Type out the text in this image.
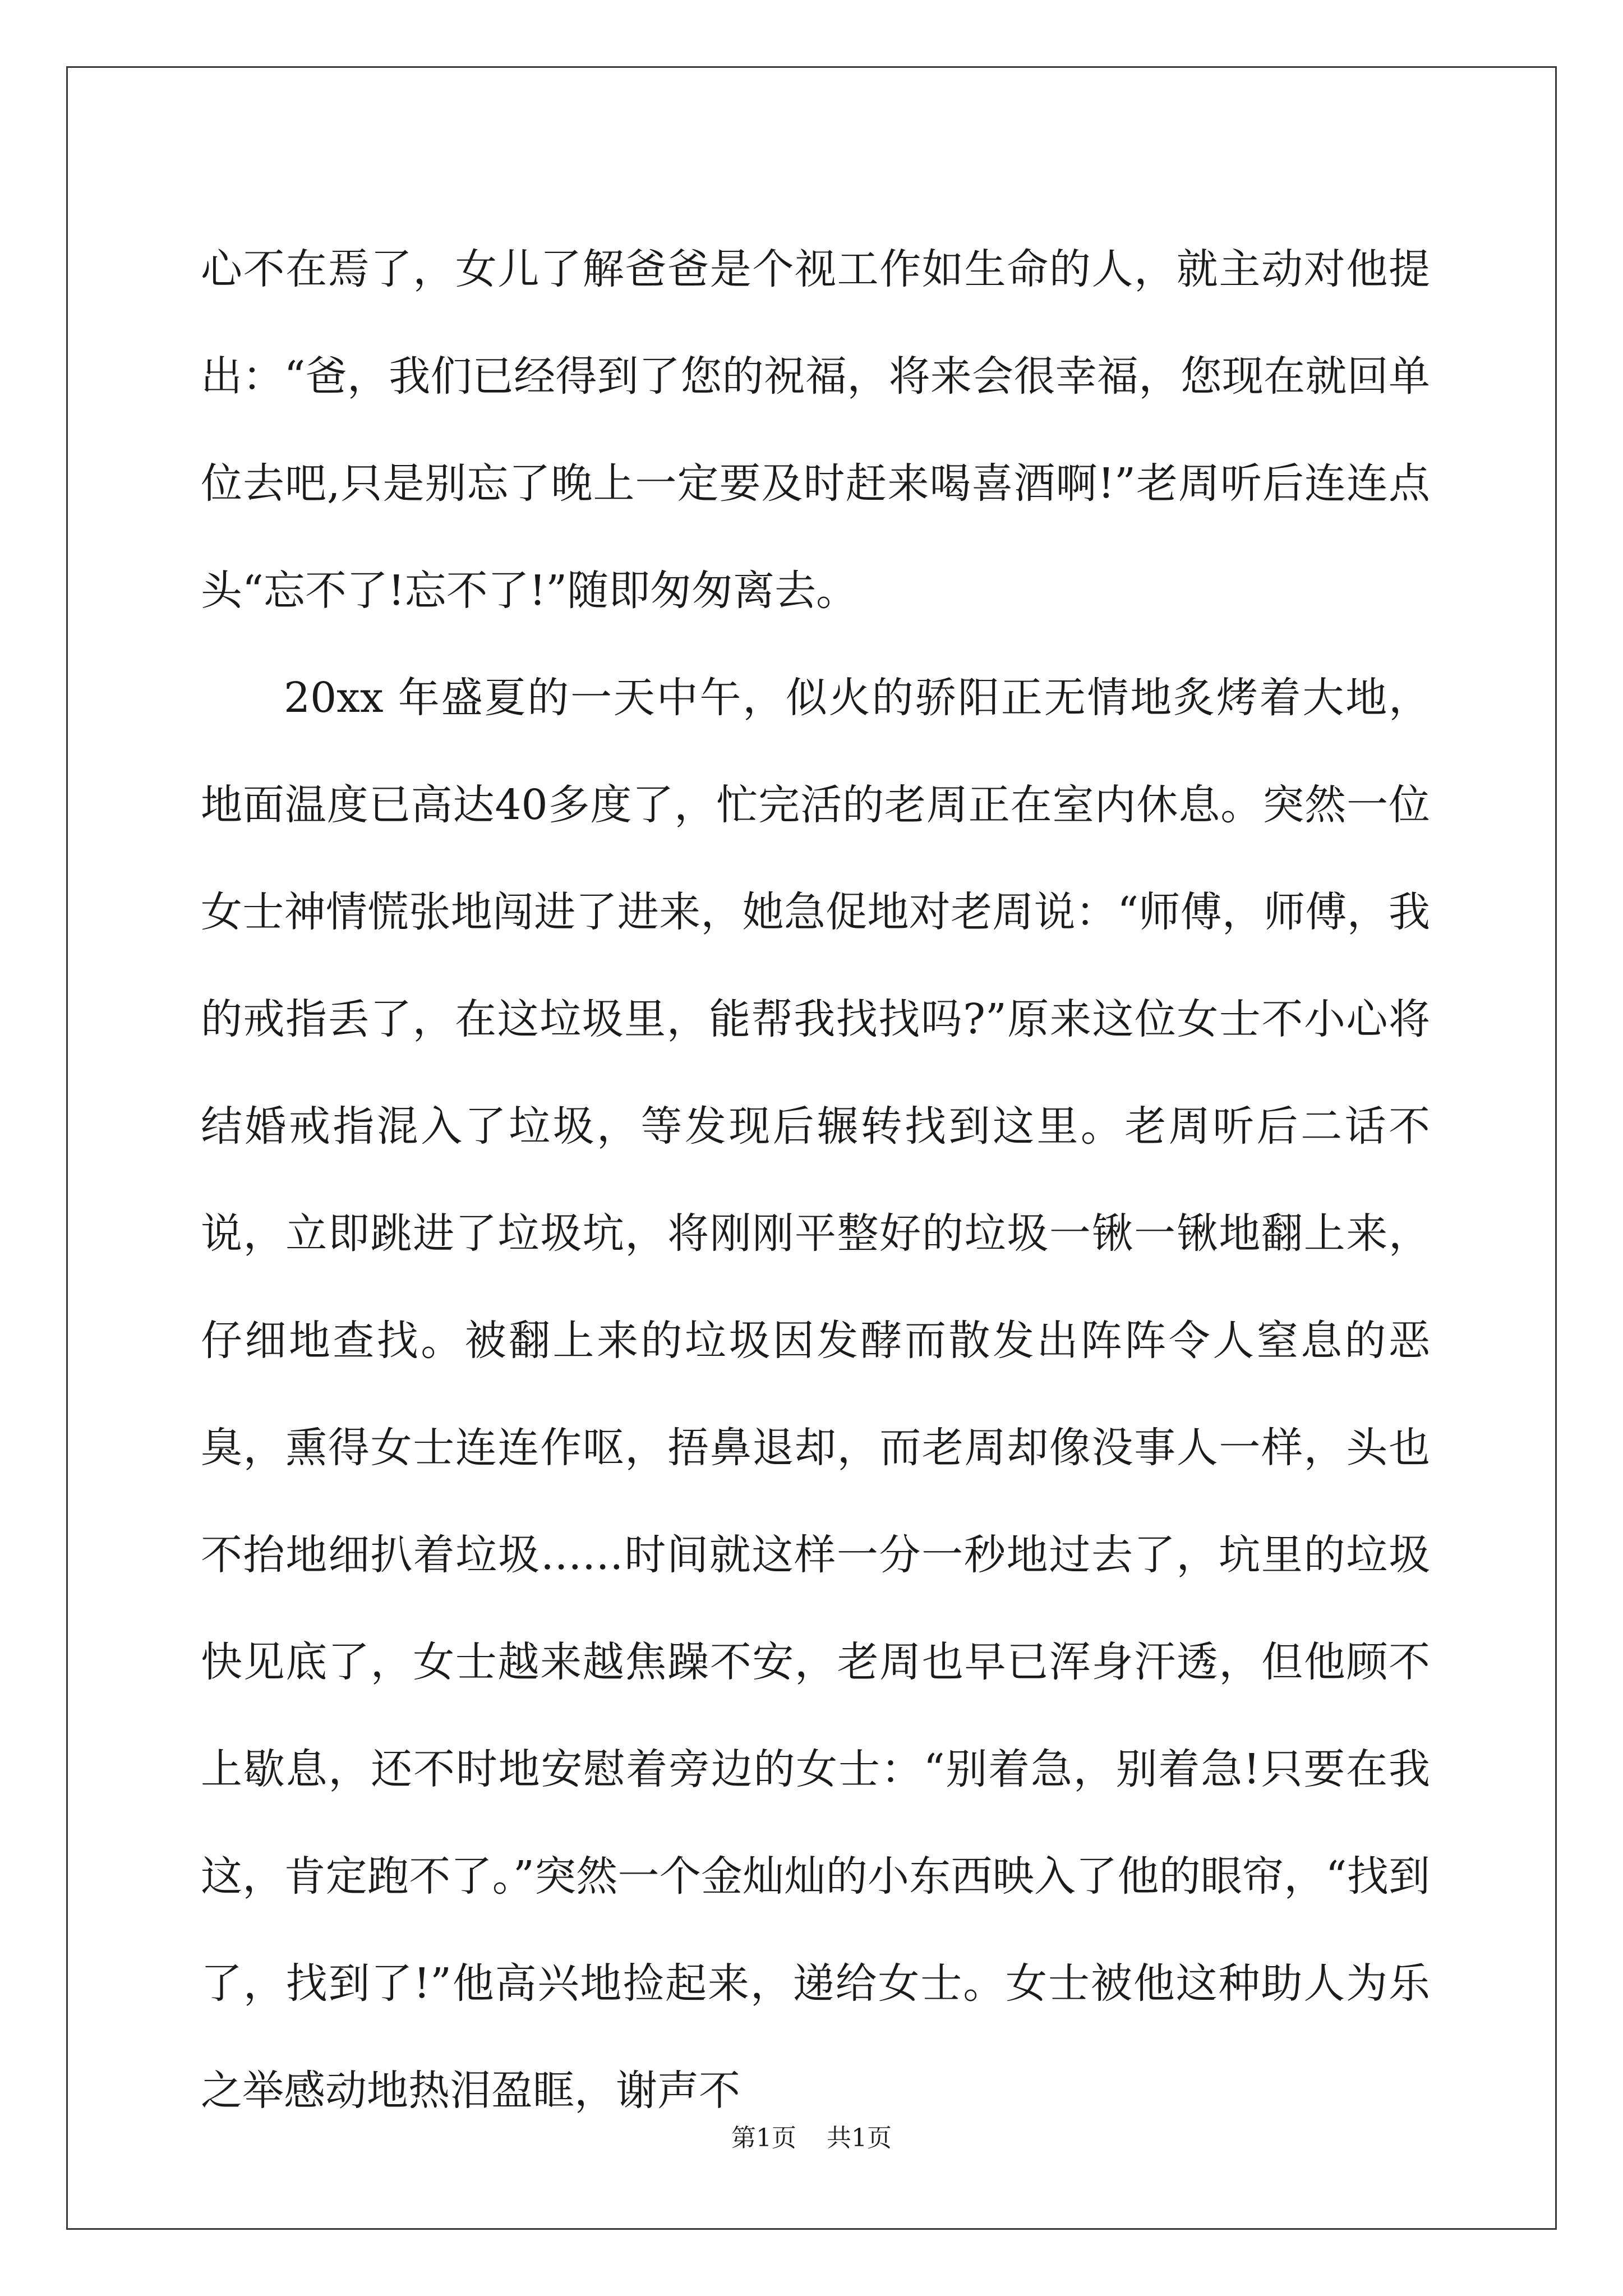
心不在焉了，女儿了解爸爸是个视工作如生命的人，就主动对他提出：“爸，我们已经得到了您的祝福，将来会很幸福，您现在就回单位去吧,只是别忘了晚上一定要及时赶来喝喜酒啊!”老周听后连连点头“忘不了!忘不了!”随即匆匆离去。

20xx 年盛夏的一天中午，似火的骄阳正无情地炙烤着大地，地面温度已高达40多度了，忙完活的老周正在室内休息。突然一位女士神情慌张地闯进了进来，她急促地对老周说：“师傅，师傅，我的戒指丢了，在这垃圾里，能帮我找找吗?”原来这位女士不小心将结婚戒指混入了垃圾，等发现后辗转找到这里。老周听后二话不说，立即跳进了垃圾坑，将刚刚平整好的垃圾一锹一锹地翻上来，仔细地查找。被翻上来的垃圾因发酵而散发出阵阵令人窒息的恶臭，熏得女士连连作呕，捂鼻退却，而老周却像没事人一样，头也不抬地细扒着垃圾……时间就这样一分一秒地过去了，坑里的垃圾快见底了，女士越来越焦躁不安，老周也早已浑身汗透，但他顾不上歇息，还不时地安慰着旁边的女士：“别着急，别着急!只要在我这，肯定跑不了。”突然一个金灿灿的小东西映入了他的眼帘，“找到了，找到了!”他高兴地捡起来，递给女士。女士被他这种助人为乐之举感动地热泪盈眶，谢声不

第1页 共1页
